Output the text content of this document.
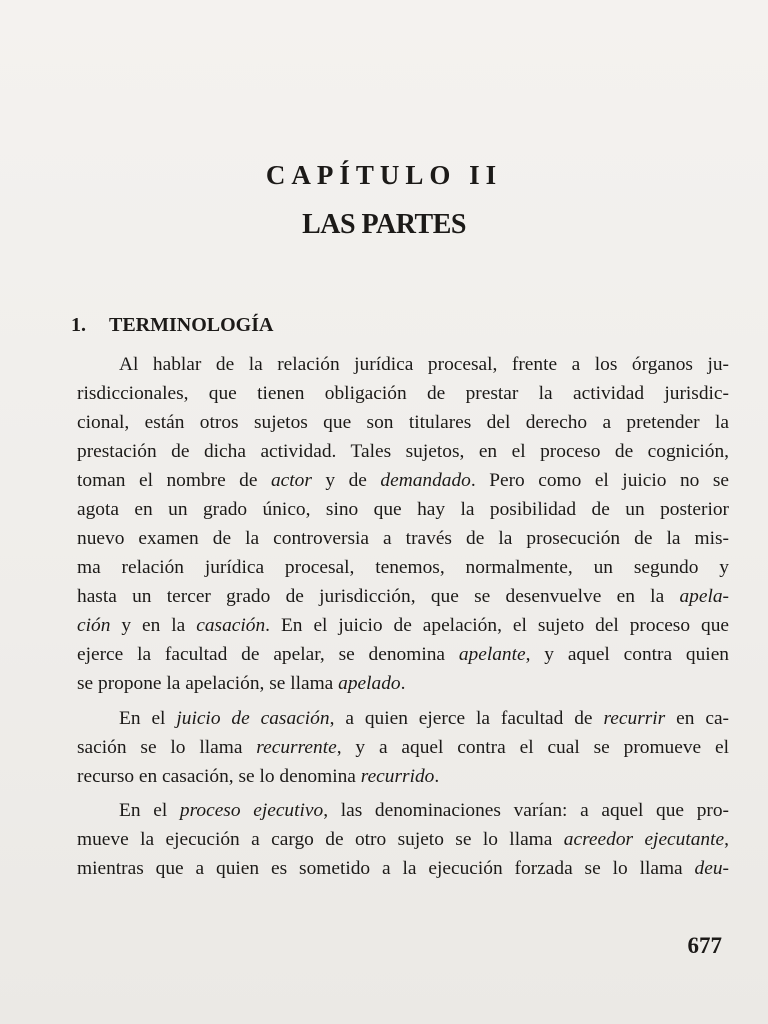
CAPÍTULO II
LAS PARTES
1. TERMINOLOGÍA
Al hablar de la relación jurídica procesal, frente a los órganos ju-
risdiccionales, que tienen obligación de prestar la actividad jurisdic-
cional, están otros sujetos que son titulares del derecho a pretender la
prestación de dicha actividad. Tales sujetos, en el proceso de cognición,
toman el nombre de actor y de demandado. Pero como el juicio no se
agota en un grado único, sino que hay la posibilidad de un posterior
nuevo examen de la controversia a través de la prosecución de la mis-
ma relación jurídica procesal, tenemos, normalmente, un segundo y
hasta un tercer grado de jurisdicción, que se desenvuelve en la apela-
ción y en la casación. En el juicio de apelación, el sujeto del proceso que
ejerce la facultad de apelar, se denomina apelante, y aquel contra quien
se propone la apelación, se llama apelado.
En el juicio de casación, a quien ejerce la facultad de recurrir en ca-
sación se lo llama recurrente, y a aquel contra el cual se promueve el
recurso en casación, se lo denomina recurrido.
En el proceso ejecutivo, las denominaciones varían: a aquel que pro-
mueve la ejecución a cargo de otro sujeto se lo llama acreedor ejecutante,
mientras que a quien es sometido a la ejecución forzada se lo llama deu-
677
